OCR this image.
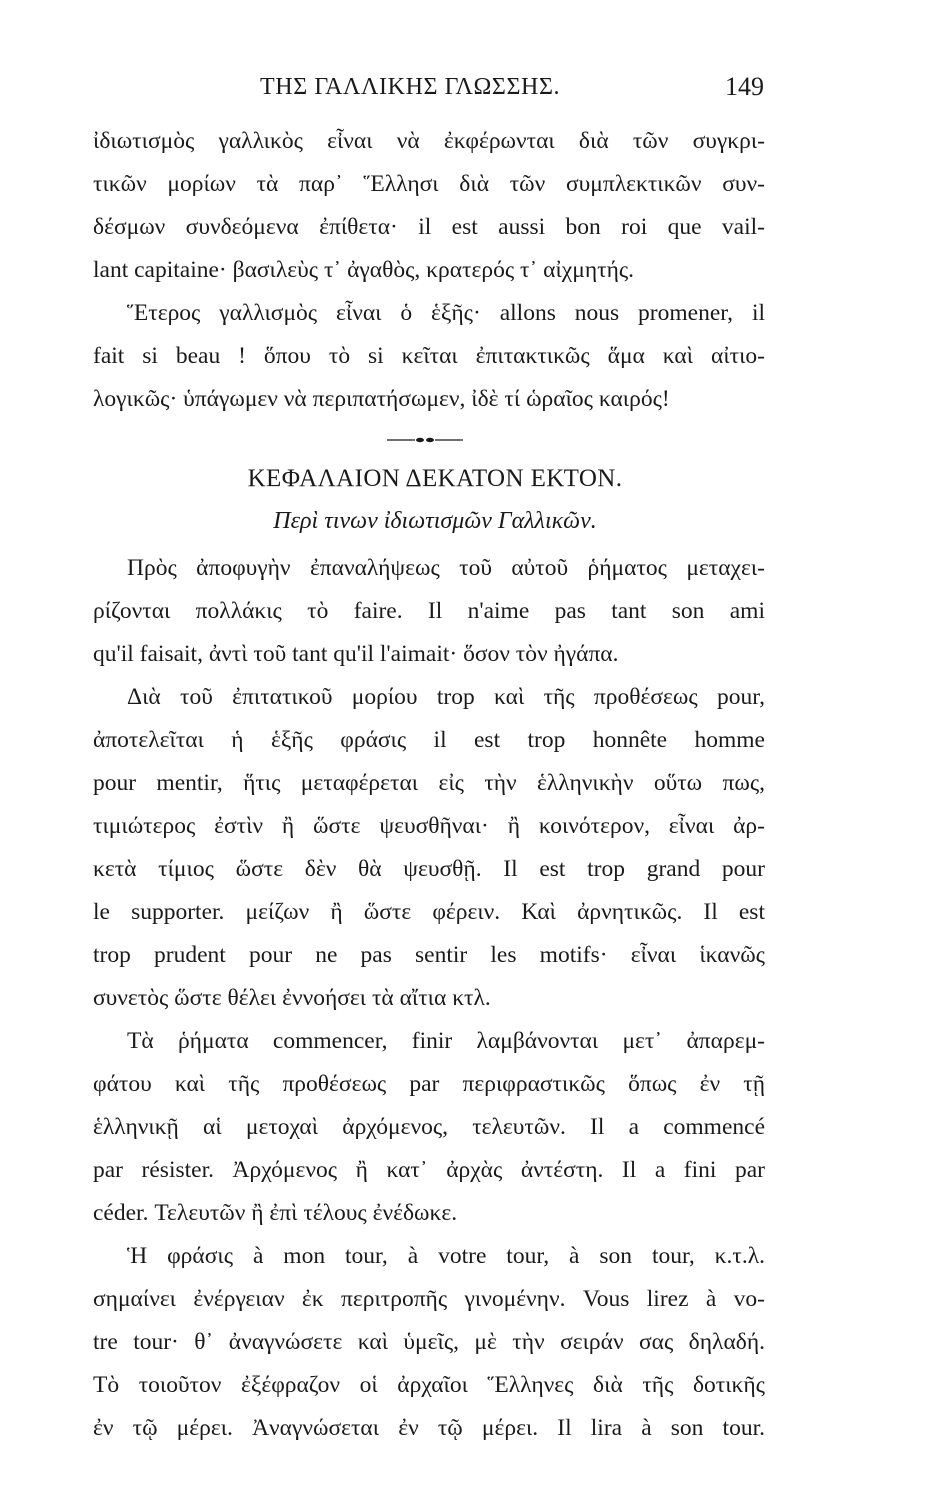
ΤΗΣ ΓΑΛΛΙΚΗΣ ΓΛΩΣΣΗΣ.	149
ἰδιωτισμὸς γαλλικὸς εἶναι νὰ ἐκφέρωνται διὰ τῶν συγκρι-
τικῶν μορίων τὰ παρ᾽ Ἕλλησι διὰ τῶν συμπλεκτικῶν συν-
δέσμων συνδεόμενα ἐπίθετα· il est aussi bon roi que vail-
lant capitaine· βασιλεὺς τ᾽ ἀγαθὸς, κρατερός τ᾽ αἰχμητής.
Ἕτερος γαλλισμὸς εἶναι ὁ ἑξῆς· allons nous promener, il
fait si beau ! ὅπου τὸ si κεῖται ἐπιτακτικῶς ἅμα καὶ αἰτιο-
λογικῶς· ὑπάγωμεν νὰ περιπατήσωμεν, ἰδὲ τί ὡραῖος καιρός!
ΚΕΦΑΛΑΙΟΝ ΔΕΚΑΤΟΝ ΕΚΤΟΝ.
Περὶ τινων ἰδιωτισμῶν Γαλλικῶν.
Πρὸς ἀποφυγὴν ἐπαναλήψεως τοῦ αὐτοῦ ῥήματος μεταχει-
ρίζονται πολλάκις τὸ faire. Il n'aime pas tant son ami
qu'il faisait, ἀντὶ τοῦ tant qu'il l'aimait· ὅσον τὸν ἠγάπα.
Διὰ τοῦ ἐπιτατικοῦ μορίου trop καὶ τῆς προθέσεως pour,
ἀποτελεῖται ἡ ἑξῆς φράσις il est trop honnête homme
pour mentir, ἥτις μεταφέρεται εἰς τὴν ἑλληνικὴν οὕτω πως,
τιμιώτερος ἐστὶν ἢ ὥστε ψευσθῆναι· ἢ κοινότερον, εἶναι ἀρ-
κετὰ τίμιος ὥστε δὲν θὰ ψευσθῇ. Il est trop grand pour
le supporter. μείζων ἢ ὥστε φέρειν. Καὶ ἀρνητικῶς. Il est
trop prudent pour ne pas sentir les motifs· εἶναι ἱκανῶς
συνετὸς ὥστε θέλει ἐννοήσει τὰ αἴτια κτλ.
Τὰ ῥήματα commencer, finir λαμβάνονται μετ᾽ ἀπαρεμ-
φάτου καὶ τῆς προθέσεως par περιφραστικῶς ὅπως ἐν τῇ
ἑλληνικῇ αἱ μετοχαὶ ἀρχόμενος, τελευτῶν. Il a commencé
par résister. Ἀρχόμενος ἢ κατ᾽ ἀρχὰς ἀντέστη. Il a fini par
céder. Τελευτῶν ἢ ἐπὶ τέλους ἐνέδωκε.
Ἡ φράσις à mon tour, à votre tour, à son tour, κ.τ.λ.
σημαίνει ἐνέργειαν ἐκ περιτροπῆς γινομένην. Vous lirez à vo-
tre tour· θ᾽ ἀναγνώσετε καὶ ὑμεῖς, μὲ τὴν σειράν σας δηλαδή.
Τὸ τοιοῦτον ἐξέφραζον οἱ ἀρχαῖοι Ἕλληνες διὰ τῆς δοτικῆς
ἐν τῷ μέρει. Ἀναγνώσεται ἐν τῷ μέρει. Il lira à son tour.
